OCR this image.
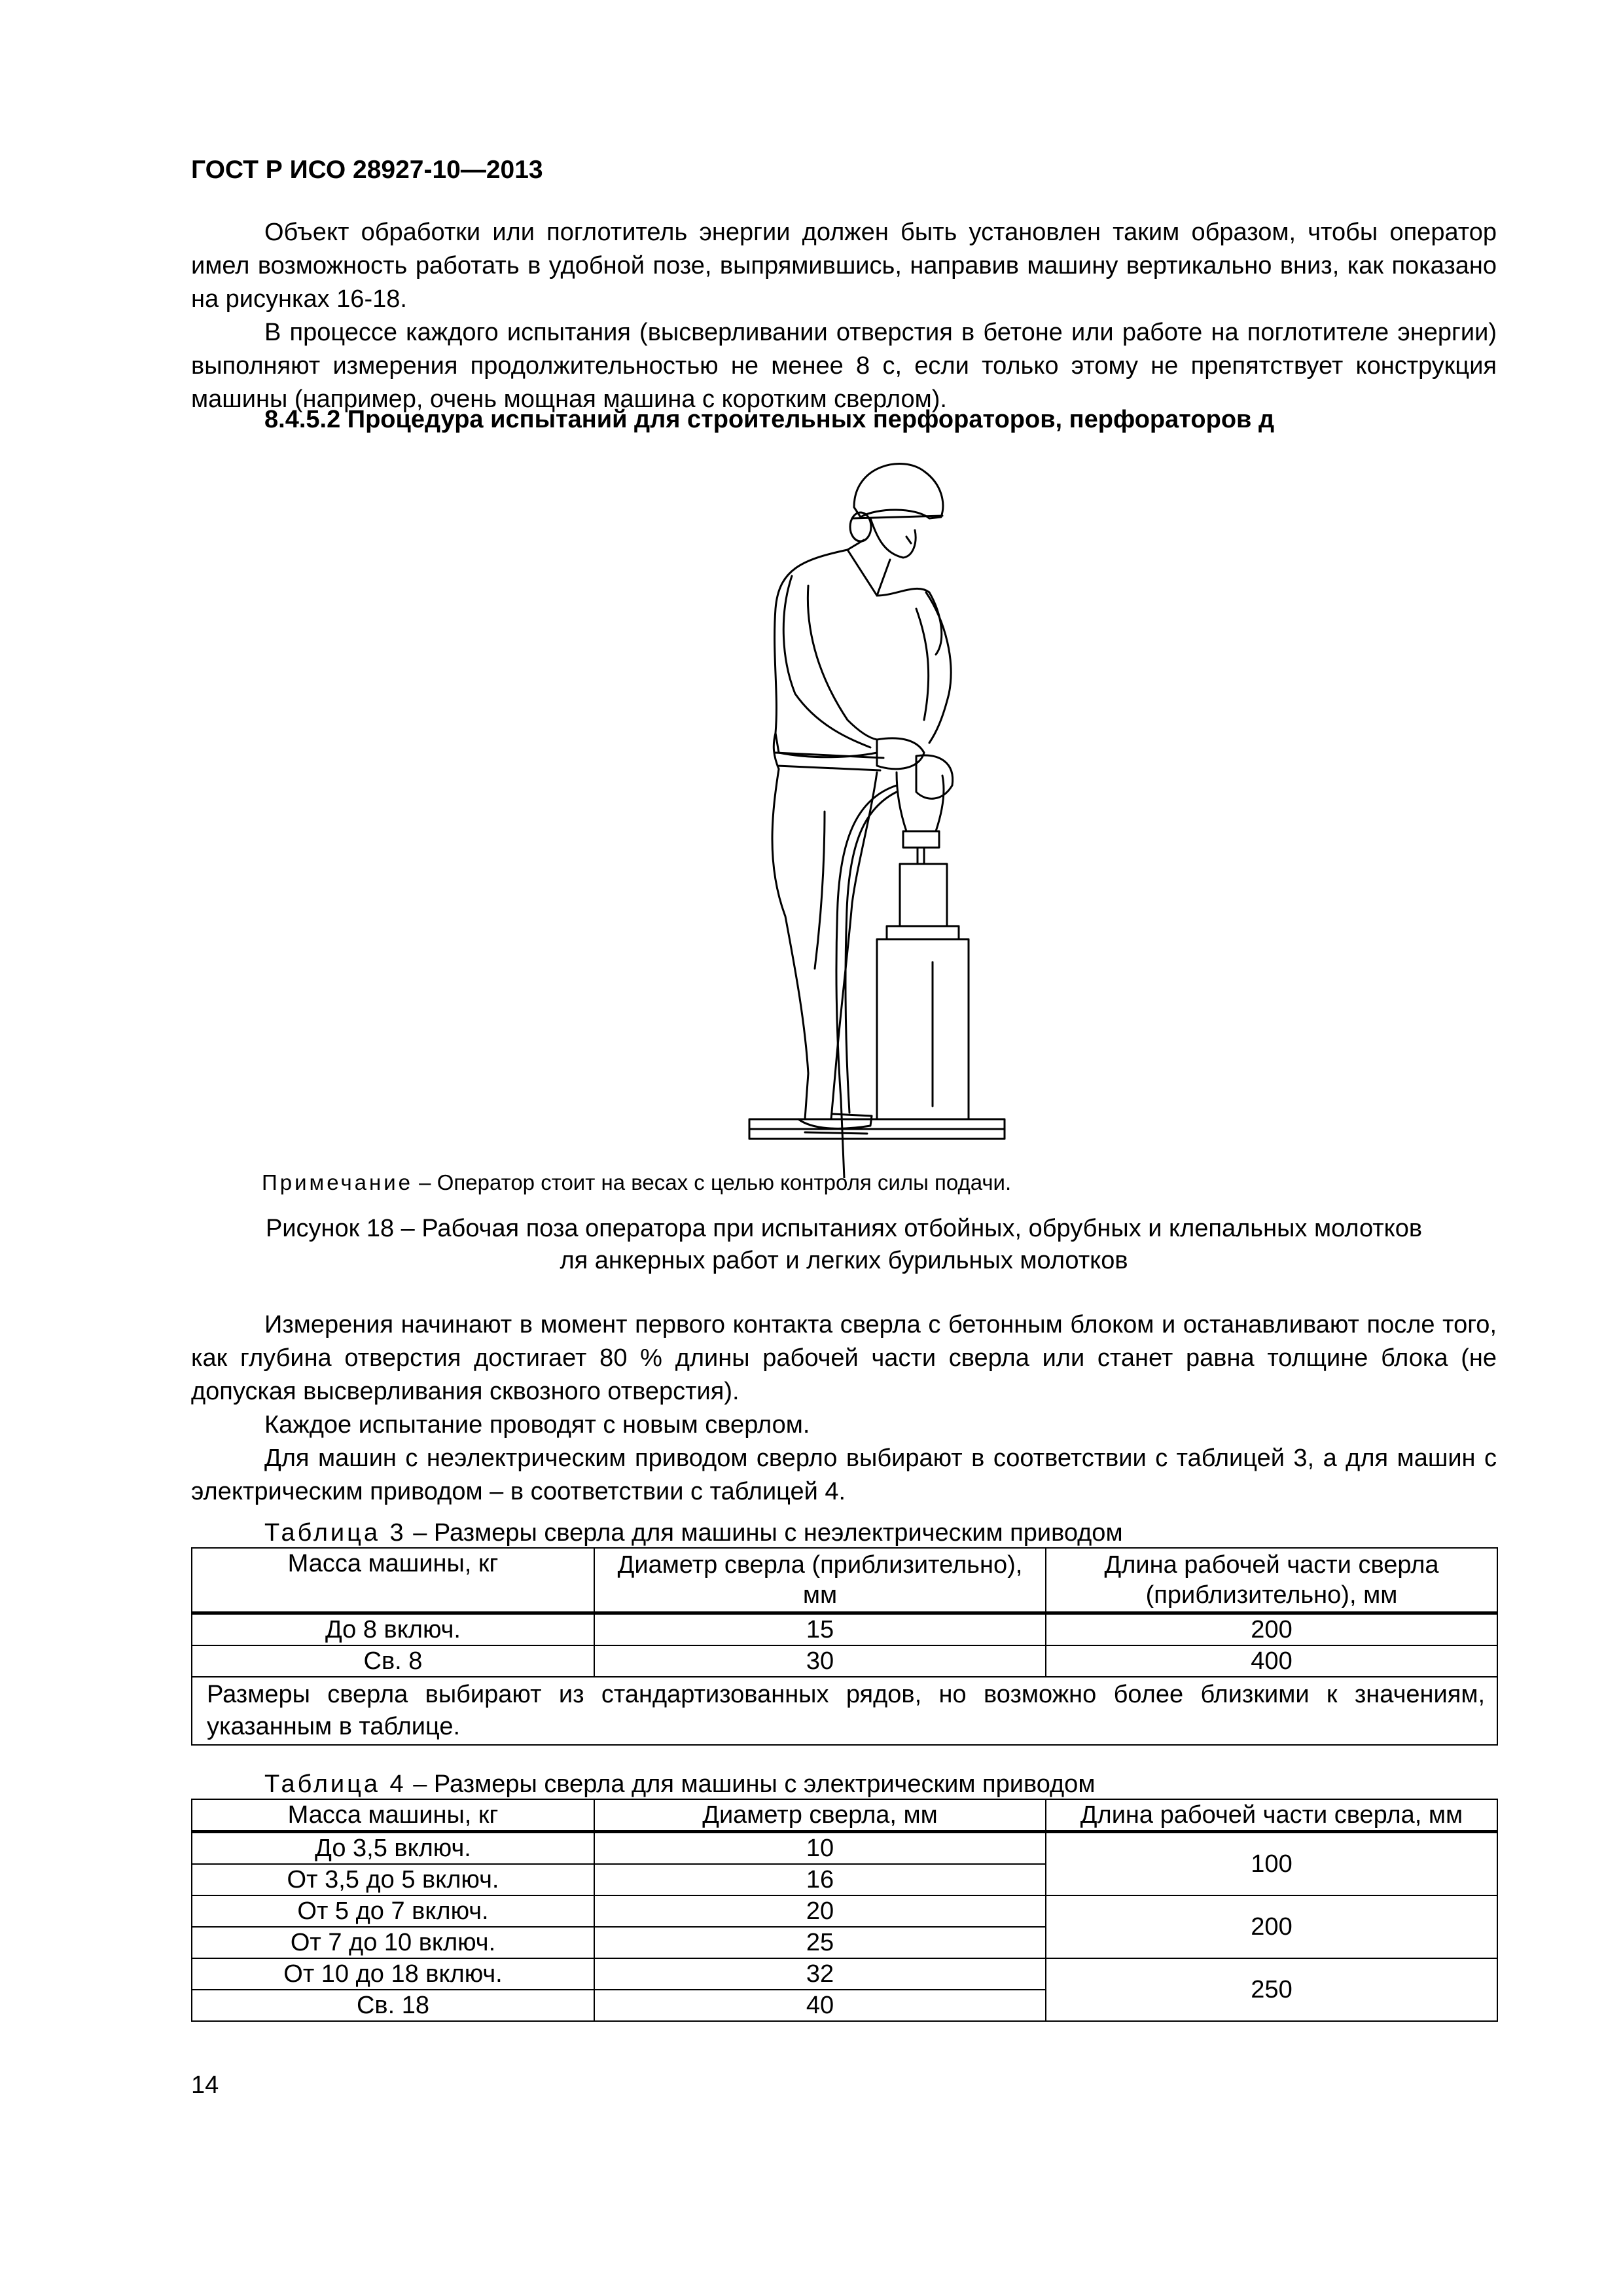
ГОСТ Р ИСО 28927-10—2013
Объект обработки или поглотитель энергии должен быть установлен таким образом, чтобы оператор имел возможность работать в удобной позе, выпрямившись, направив машину вертикально вниз, как показано на рисунках 16-18.
В процессе каждого испытания (высверливании отверстия в бетоне или работе на поглотителе энергии) выполняют измерения продолжительностью не менее 8 с, если только этому не препятствует конструкция машины (например, очень мощная машина с коротким сверлом).
8.4.5.2 Процедура испытаний для строительных перфораторов, перфораторов д
Примечание – Оператор стоит на весах с целью контроля силы подачи.
Рисунок 18 – Рабочая поза оператора при испытаниях отбойных, обрубных и клепальных молотков
ля анкерных работ и легких бурильных молотков
Измерения начинают в момент первого контакта сверла с бетонным блоком и останавливают после того, как глубина отверстия достигает 80 % длины рабочей части сверла или станет равна толщине блока (не допуская высверливания сквозного отверстия).
Каждое испытание проводят с новым сверлом.
Для машин с неэлектрическим приводом сверло выбирают в соответствии с таблицей 3, а для машин с электрическим приводом – в соответствии с таблицей 4.
Таблица 3 – Размеры сверла для машины с неэлектрическим приводом
Масса машины, кг	Диаметр сверла (приблизительно), мм	Длина рабочей части сверла (приблизительно), мм
До 8 включ.	15	200
Св. 8	30	400
Размеры сверла выбирают из стандартизованных рядов, но возможно более близкими к значениям, указанным в таблице.		
Таблица 4 – Размеры сверла для машины с электрическим приводом
Масса машины, кг	Диаметр сверла, мм	Длина рабочей части сверла, мм
До 3,5 включ.	10	100
От 3,5 до 5 включ.	16	
От 5 до 7 включ.	20	200
От 7 до 10 включ.	25	
От 10 до 18 включ.	32	250
Св. 18	40	
14
